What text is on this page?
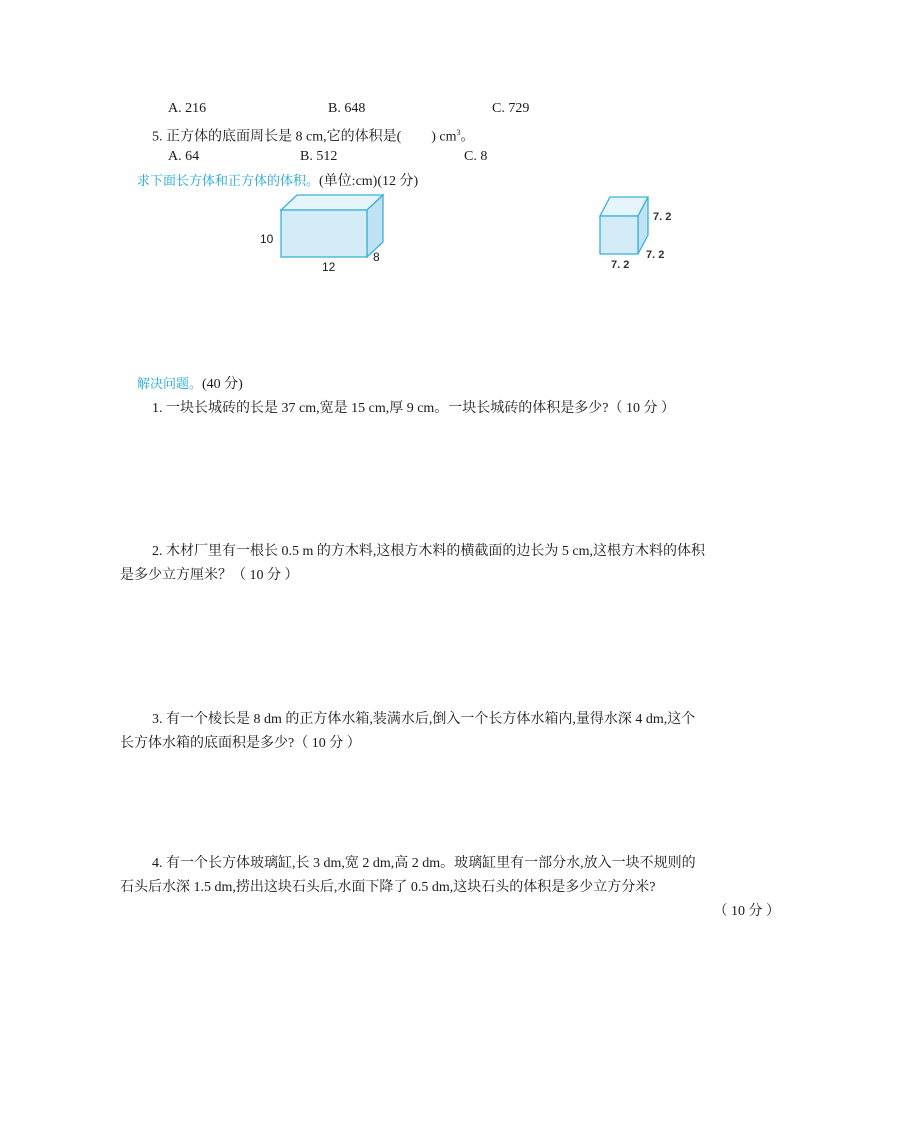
A. 216	B. 648	C. 729
5. 正方体的底面周长是 8 cm,它的体积是( ) $cm^3$。
A. 64	B. 512	C. 8
求下面长方体和正方体的体积。(单位:cm)(12 分)
10
12
8
7. 2
7. 2
7. 2
解决问题。(40 分)
1. 一块长城砖的长是 37 cm,宽是 15 cm,厚 9 cm。一块长城砖的体积是多少?（ 10 分 ）
2. 木材厂里有一根长 0.5 m 的方木料,这根方木料的横截面的边长为 5 cm,这根方木料的体积
是多少立方厘米？（ 10 分 ）
3. 有一个棱长是 8 dm 的正方体水箱,装满水后,倒入一个长方体水箱内,量得水深 4 dm,这个
长方体水箱的底面积是多少?（ 10 分 ）
4. 有一个长方体玻璃缸,长 3 dm,宽 2 dm,高 2 dm。玻璃缸里有一部分水,放入一块不规则的
石头后水深 1.5 dm,捞出这块石头后,水面下降了 0.5 dm,这块石头的体积是多少立方分米?
（ 10 分 ）
